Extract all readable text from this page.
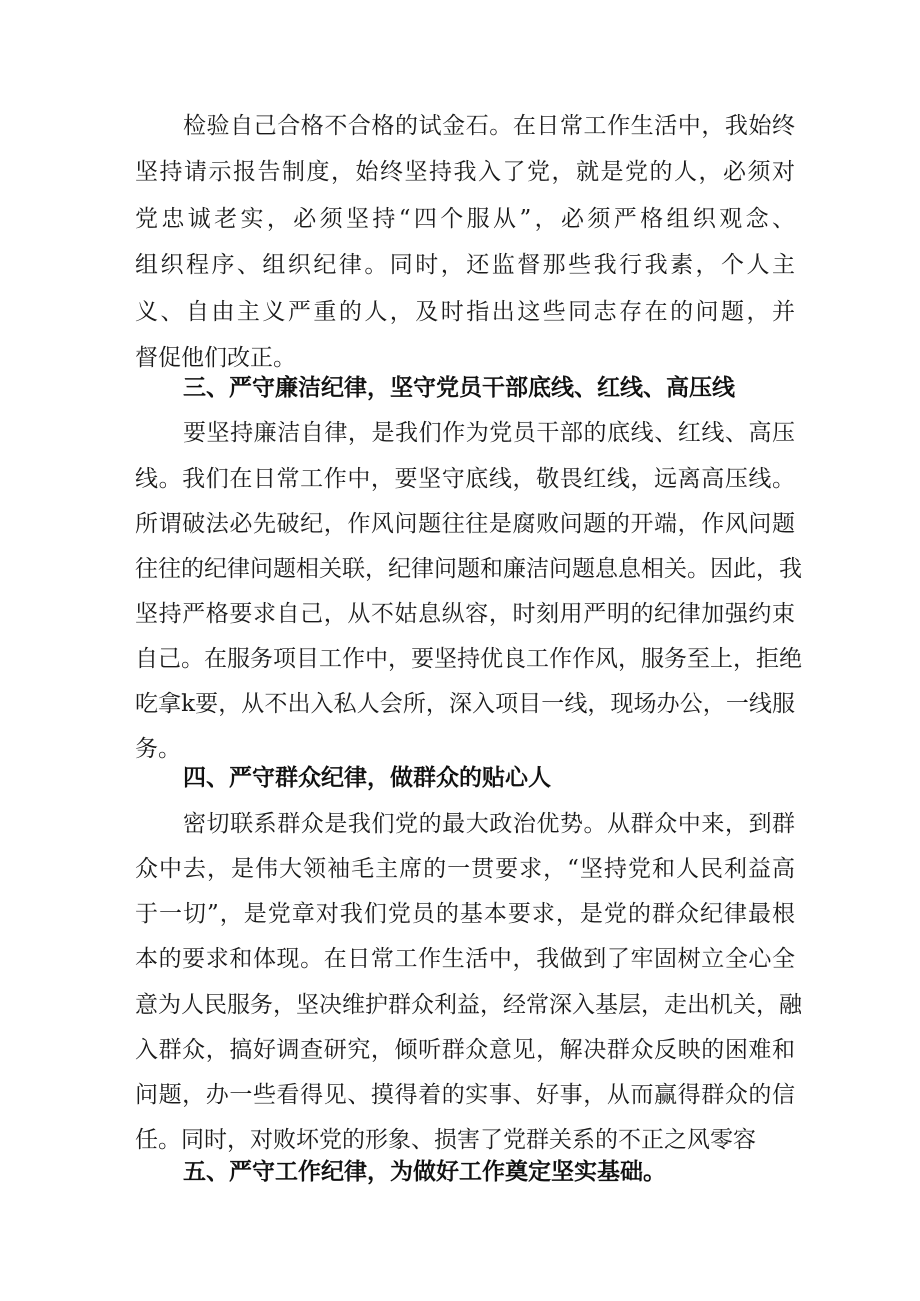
检验自己合格不合格的试金石。在日常工作生活中，我始终
坚持请示报告制度，始终坚持我入了党，就是党的人，必须对
党忠诚老实，必须坚持“四个服从”，必须严格组织观念、
组织程序、组织纪律。同时，还监督那些我行我素，个人主
义、自由主义严重的人，及时指出这些同志存在的问题，并
督促他们改正。
三、严守廉洁纪律，坚守党员干部底线、红线、高压线
要坚持廉洁自律，是我们作为党员干部的底线、红线、高压
线。我们在日常工作中，要坚守底线，敬畏红线，远离高压线。
所谓破法必先破纪，作风问题往往是腐败问题的开端，作风问题
往往的纪律问题相关联，纪律问题和廉洁问题息息相关。因此，我
坚持严格要求自己，从不姑息纵容，时刻用严明的纪律加强约束
自己。在服务项目工作中，要坚持优良工作作风，服务至上，拒绝
吃拿k要，从不出入私人会所，深入项目一线，现场办公，一线服
务。
四、严守群众纪律，做群众的贴心人
密切联系群众是我们党的最大政治优势。从群众中来，到群
众中去，是伟大领袖毛主席的一贯要求，“坚持党和人民利益高
于一切”，是党章对我们党员的基本要求，是党的群众纪律最根
本的要求和体现。在日常工作生活中，我做到了牢固树立全心全
意为人民服务，坚决维护群众利益，经常深入基层，走出机关，融
入群众，搞好调查研究，倾听群众意见，解决群众反映的困难和
问题，办一些看得见、摸得着的实事、好事，从而赢得群众的信
任。同时，对败坏党的形象、损害了党群关系的不正之风零容
五、严守工作纪律，为做好工作奠定坚实基础。
